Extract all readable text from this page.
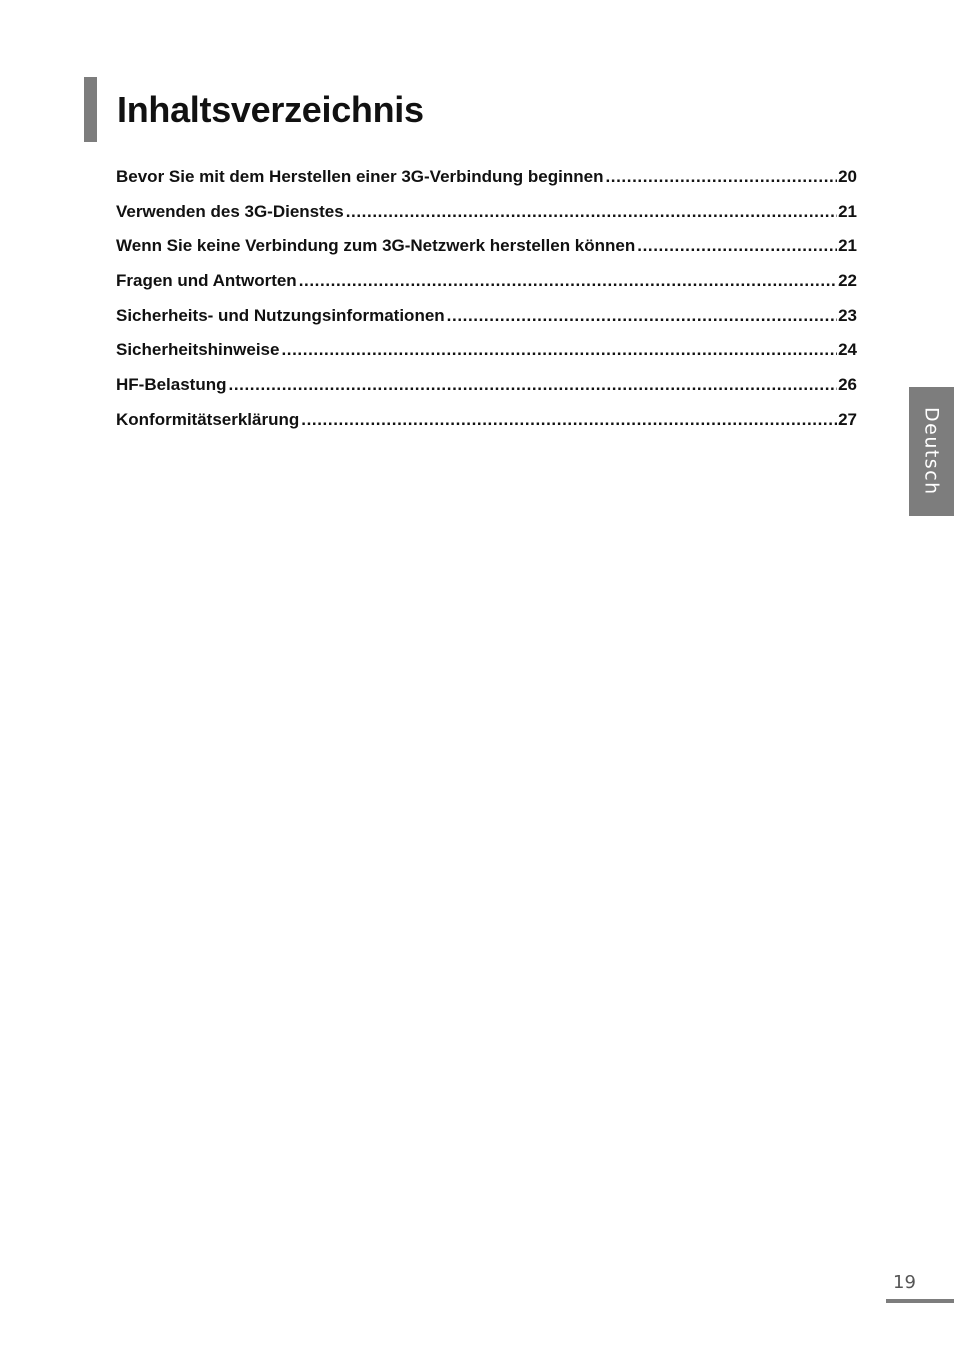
Inhaltsverzeichnis
Bevor Sie mit dem Herstellen einer 3G-Verbindung beginnen .....	20
Verwenden des 3G-Dienstes .....	21
Wenn Sie keine Verbindung zum 3G-Netzwerk herstellen können .....	21
Fragen und Antworten .....	22
Sicherheits- und Nutzungsinformationen .....	23
Sicherheitshinweise .....	24
HF-Belastung .....	26
Konformitätserklärung .....	27	Deutsch
19
